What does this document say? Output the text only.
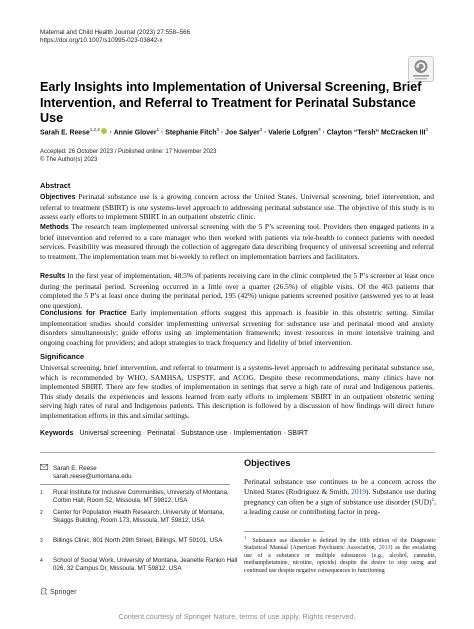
Maternal and Child Health Journal (2023) 27:558–566
https://doi.org/10.1007/s10995-023-03842-x
Early Insights into Implementation of Universal Screening, Brief Intervention, and Referral to Treatment for Perinatal Substance Use
Sarah E. Reese$^{1,2,4}$ · Annie Glover$^1$ · Stephanie Fitch$^3$ · Joe Salyer$^3$ · Valerie Lofgren$^3$ · Clayton “Tersh” McCracken III$^3$
Accepted: 26 October 2023 / Published online: 17 November 2023
© The Author(s) 2023
Abstract
Objectives Perinatal substance use is a growing concern across the United States. Universal screening, brief intervention, and referral to treatment (SBIRT) is one systems-level approach to addressing perinatal substance use. The objective of this study is to assess early efforts to implement SBIRT in an outpatient obstetric clinic.
Methods The research team implemented universal screening with the 5 P’s screening tool. Providers then engaged patients in a brief intervention and referred to a care manager who then worked with patients via tele-health to connect patients with needed services. Feasibility was measured through the collection of aggregate data describing frequency of universal screening and referral to treatment. The implementation team met bi-weekly to reflect on implementation barriers and facilitators.
Results In the first year of implementation, 48.5% of patients receiving care in the clinic completed the 5 P’s screener at least once during the perinatal period. Screening occurred in a little over a quarter (26.5%) of eligible visits. Of the 463 patients that completed the 5 P’s at least once during the perinatal period, 195 (42%) unique patients screened positive (answered yes to at least one question).
Conclusions for Practice Early implementation efforts suggest this approach is feasible in this obstetric setting. Similar implementation studies should consider implementing universal screening for substance use and perinatal mood and anxiety disorders simultaneously; guide efforts using an implementation framework; invest resources in more intensive training and ongoing coaching for providers; and adopt strategies to track frequency and fidelity of brief intervention.
Significance
Universal screening, brief intervention, and referral to treatment is a systems-level approach to addressing perinatal substance use, which is recommended by WHO, SAMHSA, USPSTF, and ACOG. Despite these recommendations, many clinics have not implemented SBIRT. There are few studies of implementation in settings that serve a high rate of rural and Indigenous patients. This study details the experiences and lessons learned from early efforts to implement SBIRT in an outpatient obstetric setting serving high rates of rural and Indigenous patients. This description is followed by a discussion of how findings will direct future implementation efforts in this and similar settings.
Keywords Universal screening · Perinatal · Substance use · Implementation · SBIRT
Sarah E. Reese
sarah.reese@umontana.edu
1 Rural Institute for Inclusive Communities, University of Montana, Corbin Hall, Room 52, Missoula, MT 59812, USA
2 Center for Population Health Research, University of Montana, Skaggs Building, Room 173, Missoula, MT 59812, USA
3 Billings Clinic, 801 North 29th Street, Billings, MT 59101, USA
4 School of Social Work, University of Montana, Jeanette Rankin Hall 026, 32 Campus Dr, Missoula, MT 59812, USA
Objectives
Perinatal substance use continues to be a concern across the United States (Rodriguez & Smith, 2019). Substance use during pregnancy can often be a sign of substance use disorder (SUD)$^1$, a leading cause or contributing factor in preg-
$^1$  Substance use disorder is defined by the fifth edition of the Diagnostic Statistical Manual (American Psychiatric Association, 2013) as the escalating use of a substance or multiple substances (e.g., alcohol, cannabis, methamphetamine, nicotine, opioids) despite the desire to stop using and continued use despite negative consequences to functioning
Springer
Content courtesy of Springer Nature, terms of use apply. Rights reserved.
